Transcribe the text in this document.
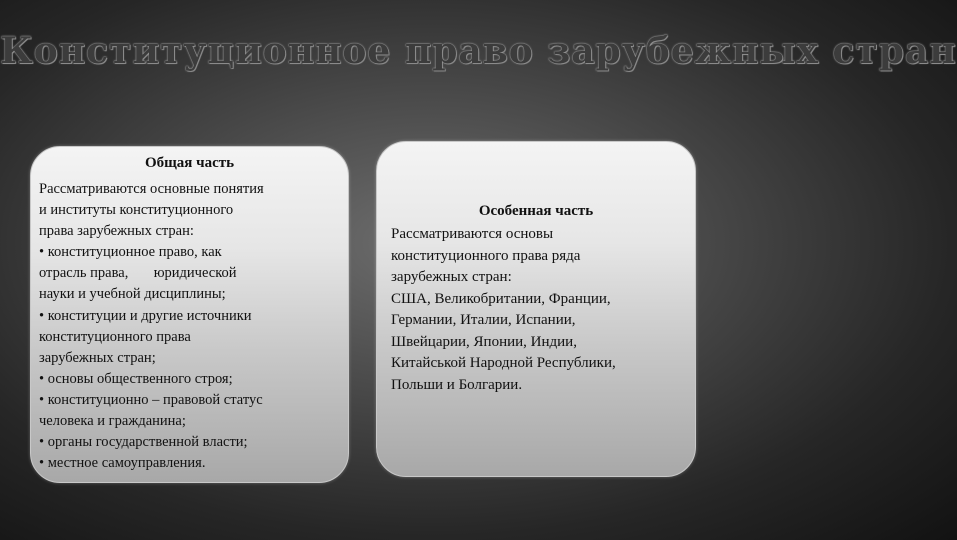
Конституционное право зарубежных стран
Общая часть
Рассматриваются основные понятия
и институты конституционного
права зарубежных стран:
• конституционное право, как
отрасль права,       юридической
науки и учебной дисциплины;
• конституции и другие источники
конституционного права
зарубежных стран;
• основы общественного строя;
• конституционно – правовой статус
человека и гражданина;
• органы государственной власти;
• местное самоуправления.
Особенная часть
Рассматриваются основы
конституционного права ряда
зарубежных стран:
США, Великобритании, Франции,
Германии, Италии, Испании,
Швейцарии, Японии, Индии,
Китайськой Народной Республики,
Польши и Болгарии.
